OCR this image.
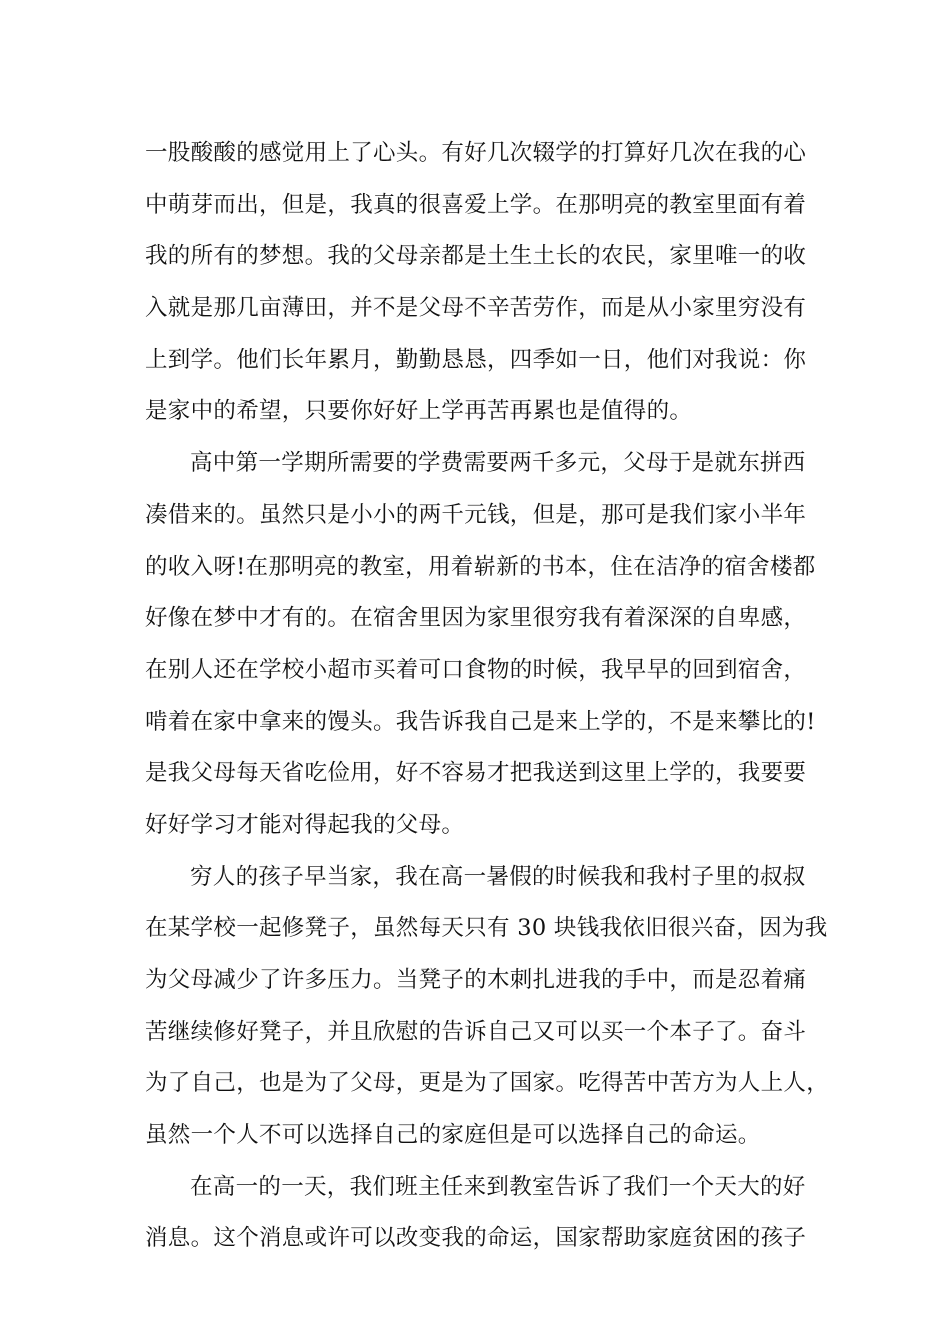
一股酸酸的感觉用上了心头。有好几次辍学的打算好几次在我的心
中萌芽而出，但是，我真的很喜爱上学。在那明亮的教室里面有着
我的所有的梦想。我的父母亲都是土生土长的农民，家里唯一的收
入就是那几亩薄田，并不是父母不辛苦劳作，而是从小家里穷没有
上到学。他们长年累月，勤勤恳恳，四季如一日，他们对我说：你
是家中的希望，只要你好好上学再苦再累也是值得的。
高中第一学期所需要的学费需要两千多元，父母于是就东拼西
凑借来的。虽然只是小小的两千元钱，但是，那可是我们家小半年
的收入呀!在那明亮的教室，用着崭新的书本，住在洁净的宿舍楼都
好像在梦中才有的。在宿舍里因为家里很穷我有着深深的自卑感，
在别人还在学校小超市买着可口食物的时候，我早早的回到宿舍，
啃着在家中拿来的馒头。我告诉我自己是来上学的，不是来攀比的!
是我父母每天省吃俭用，好不容易才把我送到这里上学的，我要要
好好学习才能对得起我的父母。
穷人的孩子早当家，我在高一暑假的时候我和我村子里的叔叔
在某学校一起修凳子，虽然每天只有 30 块钱我依旧很兴奋，因为我
为父母减少了许多压力。当凳子的木刺扎进我的手中，而是忍着痛
苦继续修好凳子，并且欣慰的告诉自己又可以买一个本子了。奋斗
为了自己，也是为了父母，更是为了国家。吃得苦中苦方为人上人，
虽然一个人不可以选择自己的家庭但是可以选择自己的命运。
在高一的一天，我们班主任来到教室告诉了我们一个天大的好
消息。这个消息或许可以改变我的命运，国家帮助家庭贫困的孩子
